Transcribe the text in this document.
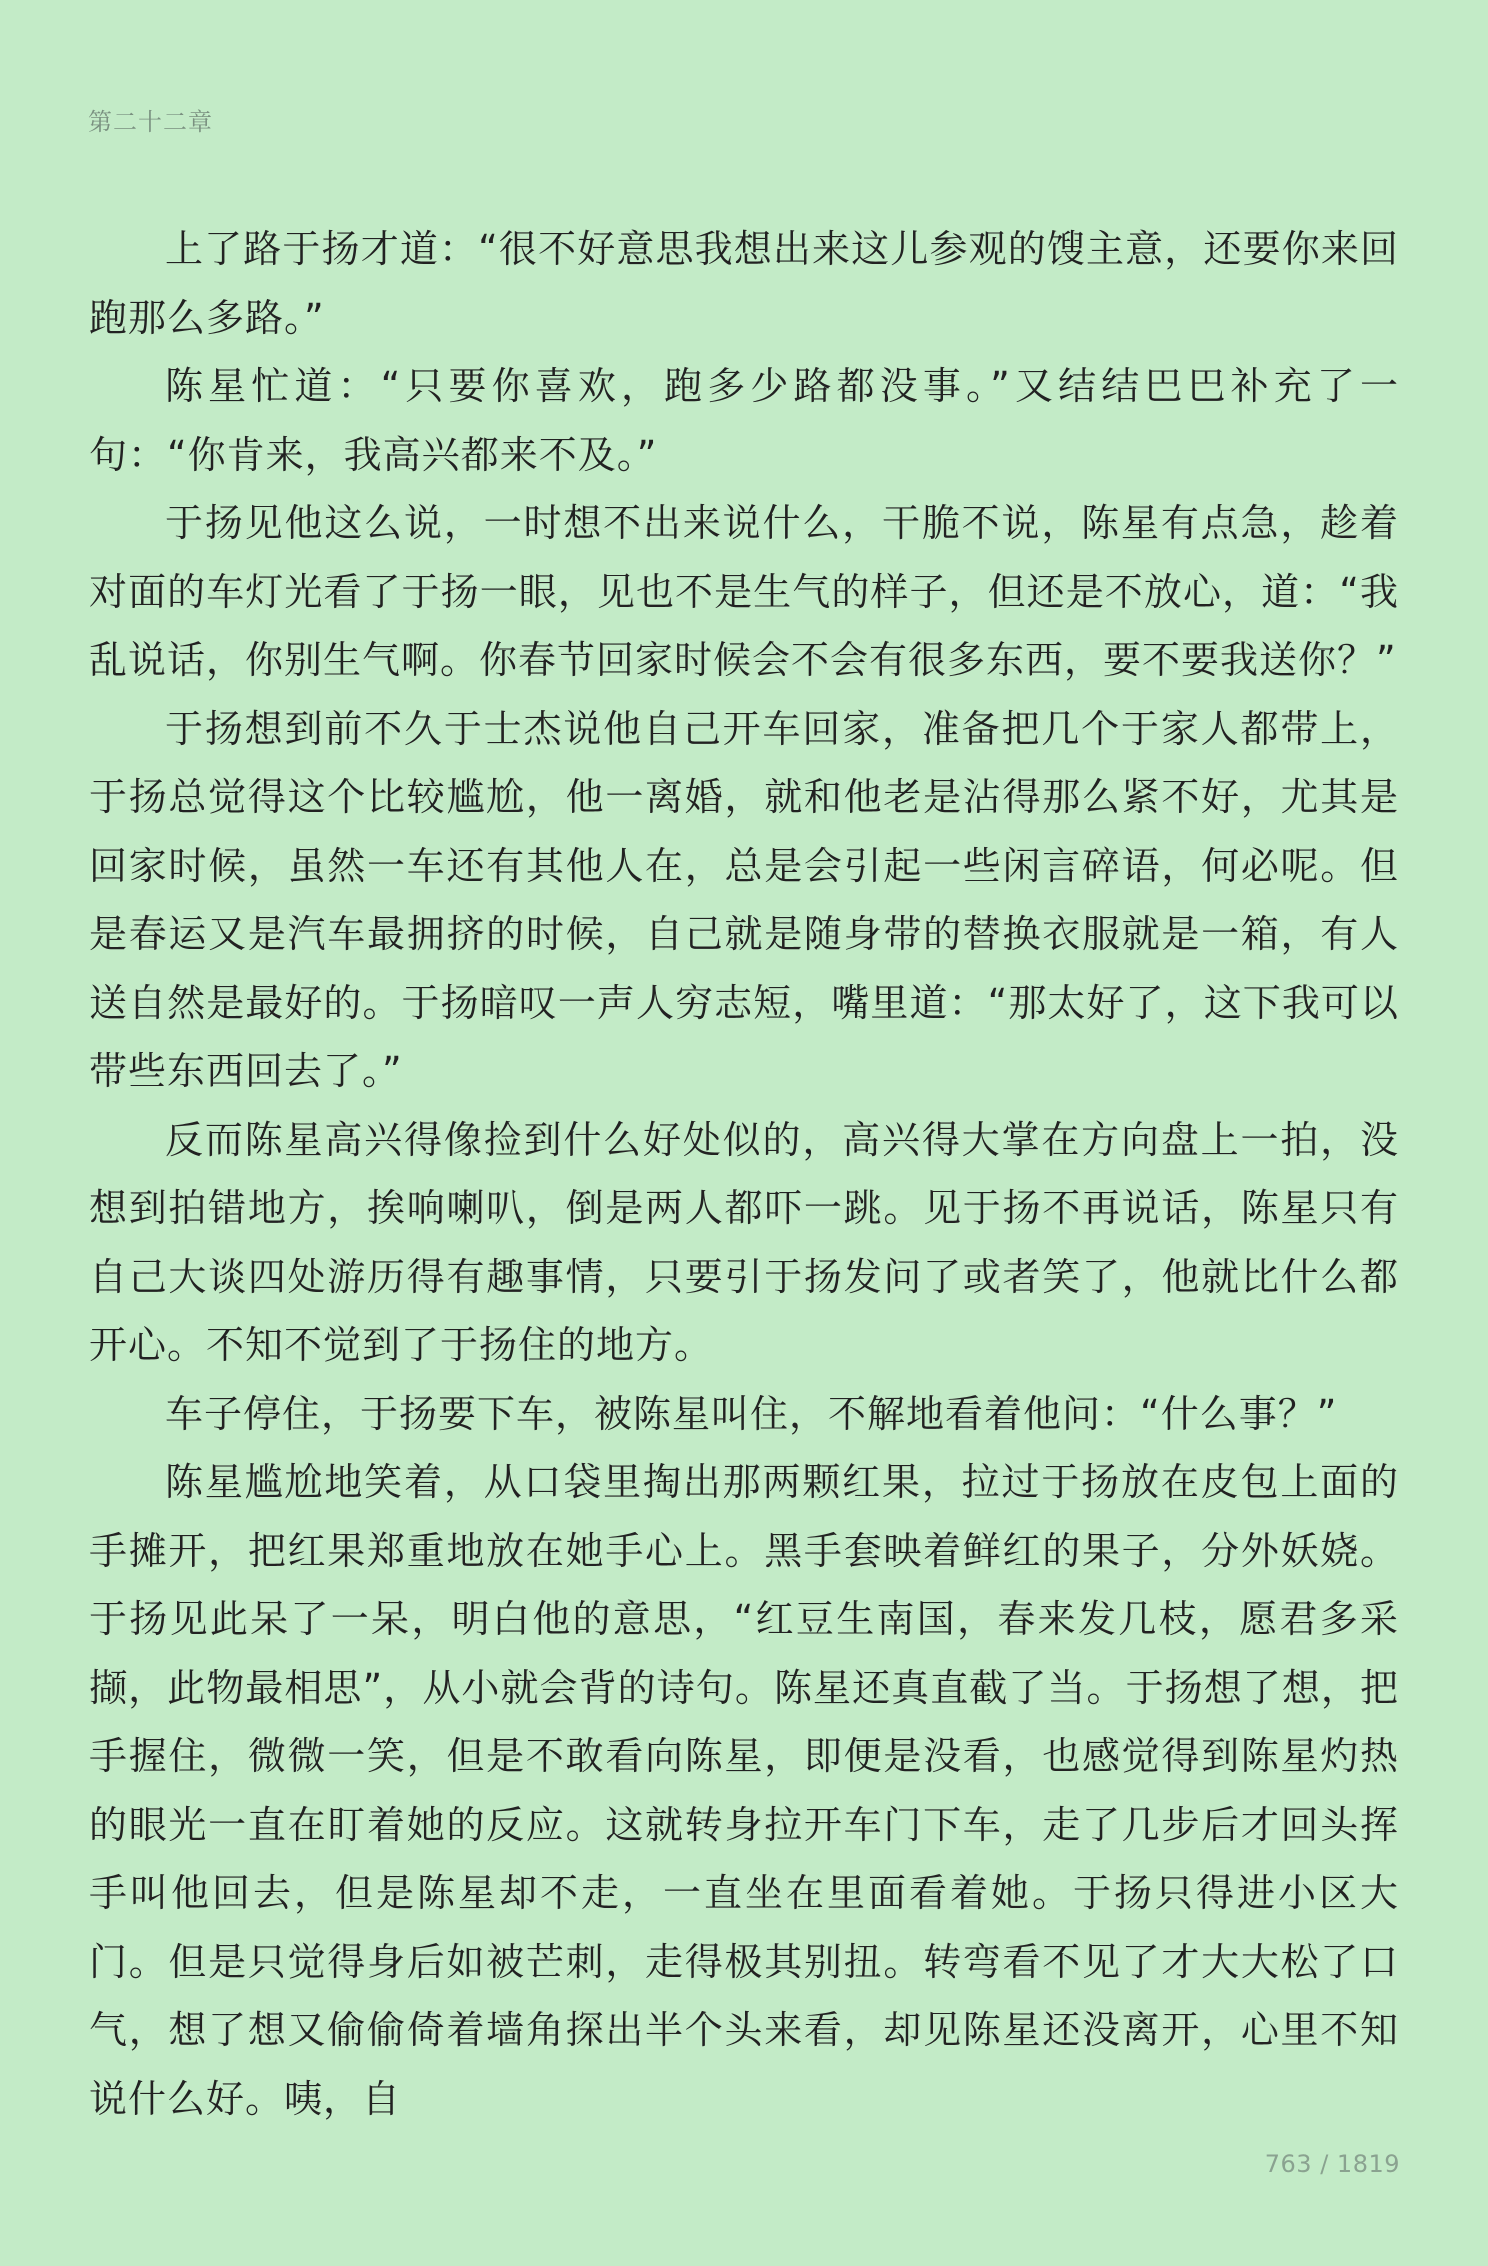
第二十二章

上了路于扬才道：“很不好意思我想出来这儿参观的馊主意，还要你来回跑那么多路。”

陈星忙道：“只要你喜欢，跑多少路都没事。”又结结巴巴补充了一句：“你肯来，我高兴都来不及。”

于扬见他这么说，一时想不出来说什么，干脆不说，陈星有点急，趁着对面的车灯光看了于扬一眼，见也不是生气的样子，但还是不放心，道：“我乱说话，你别生气啊。你春节回家时候会不会有很多东西，要不要我送你？”

于扬想到前不久于士杰说他自己开车回家，准备把几个于家人都带上，于扬总觉得这个比较尴尬，他一离婚，就和他老是沾得那么紧不好，尤其是回家时候，虽然一车还有其他人在，总是会引起一些闲言碎语，何必呢。但是春运又是汽车最拥挤的时候，自己就是随身带的替换衣服就是一箱，有人送自然是最好的。于扬暗叹一声人穷志短，嘴里道：“那太好了，这下我可以带些东西回去了。”

反而陈星高兴得像捡到什么好处似的，高兴得大掌在方向盘上一拍，没想到拍错地方，挨响喇叭，倒是两人都吓一跳。见于扬不再说话，陈星只有自己大谈四处游历得有趣事情，只要引于扬发问了或者笑了，他就比什么都开心。不知不觉到了于扬住的地方。

车子停住，于扬要下车，被陈星叫住，不解地看着他问：“什么事？”

陈星尴尬地笑着，从口袋里掏出那两颗红果，拉过于扬放在皮包上面的手摊开，把红果郑重地放在她手心上。黑手套映着鲜红的果子，分外妖娆。于扬见此呆了一呆，明白他的意思，“红豆生南国，春来发几枝，愿君多采撷，此物最相思”，从小就会背的诗句。陈星还真直截了当。于扬想了想，把手握住，微微一笑，但是不敢看向陈星，即便是没看，也感觉得到陈星灼热的眼光一直在盯着她的反应。这就转身拉开车门下车，走了几步后才回头挥手叫他回去，但是陈星却不走，一直坐在里面看着她。于扬只得进小区大门。但是只觉得身后如被芒刺，走得极其别扭。转弯看不见了才大大松了口气，想了想又偷偷倚着墙角探出半个头来看，却见陈星还没离开，心里不知说什么好。咦，自

763 / 1819
